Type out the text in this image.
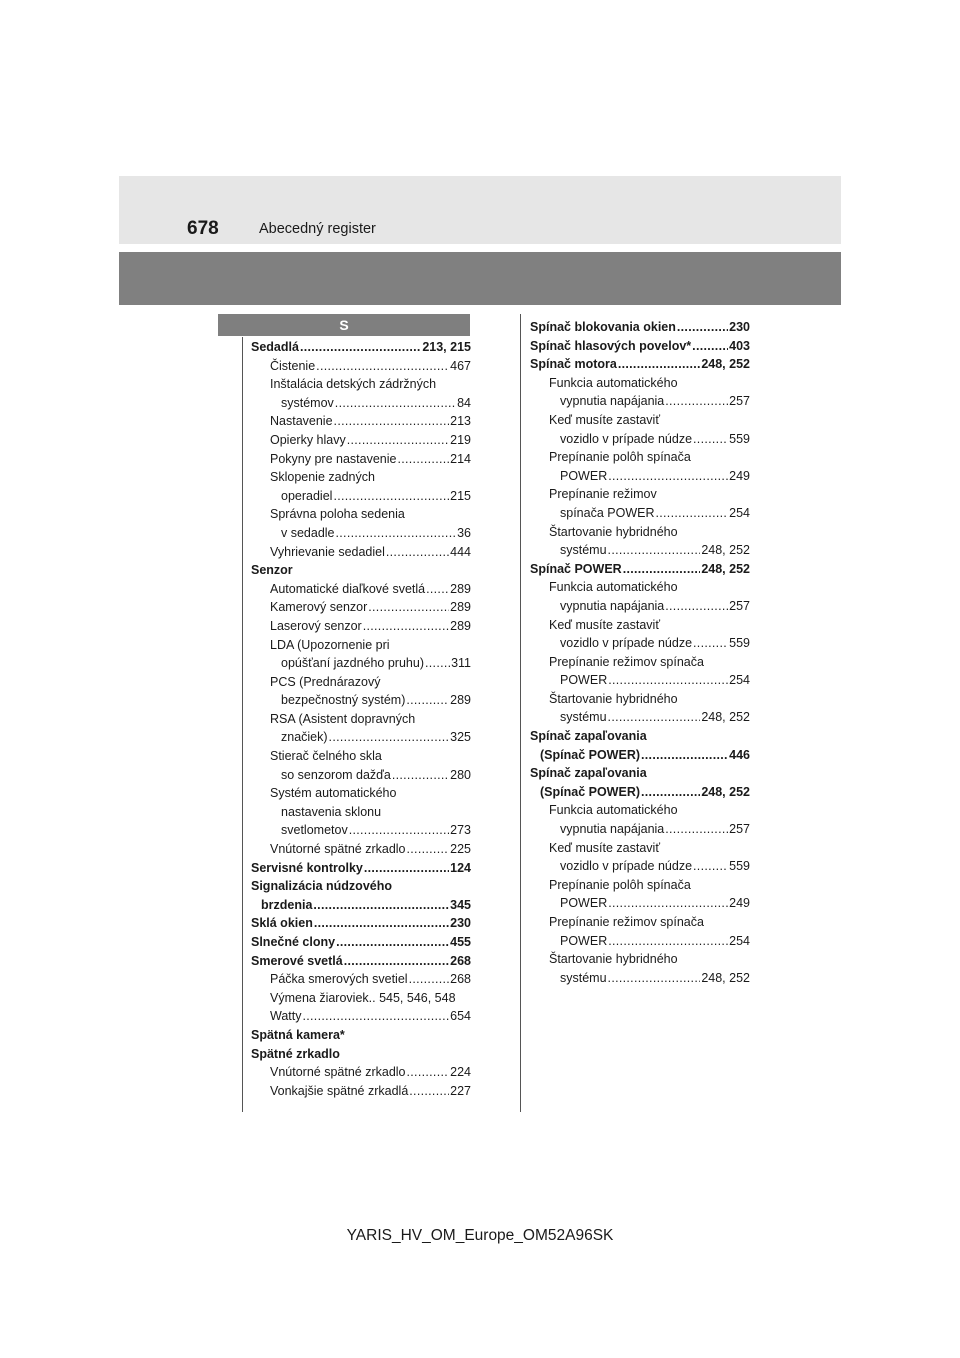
678	Abecedný register
S
Sedadlá .....	213, 215
Čistenie .....	467
Inštalácia detských zádržných
systémov .....	84
Nastavenie .....	213
Opierky hlavy .....	219
Pokyny pre nastavenie .....	214
Sklopenie zadných
operadiel .....	215
Správna poloha sedenia
v sedadle .....	36
Vyhrievanie sedadiel .....	444
Senzor
Automatické diaľkové svetlá ..... 289
Kamerový senzor .....	289
Laserový senzor .....	289
LDA (Upozornenie pri
opúšťaní jazdného pruhu) ..... 311
PCS (Prednárazový
bezpečnostný systém) .....	289
RSA (Asistent dopravných
značiek) .....	325
Stierač čelného skla
so senzorom dažďa .....	280
Systém automatického
nastavenia sklonu
svetlometov .....	273
Vnútorné spätné zrkadlo .....	225
Servisné kontrolky .....	124
Signalizácia núdzového
brzdenia .....	345
Sklá okien .....	230
Slnečné clony .....	455
Smerové svetlá .....	268
Páčka smerových svetiel .....	268
Výmena žiaroviek.. 545, 546, 548
Watty .....	654
Spätná kamera*
Spätné zrkadlo
Vnútorné spätné zrkadlo .....	224
Vonkajšie spätné zrkadlá .....	227
Spínač blokovania okien .....	230
Spínač hlasových povelov* .....	403
Spínač motora .....	248, 252
Funkcia automatického
vypnutia napájania .....	257
Keď musíte zastaviť
vozidlo v prípade núdze .....	559
Prepínanie polôh spínača
POWER .....	249
Prepínanie režimov
spínača POWER .....	254
Štartovanie hybridného
systému .....	248, 252
Spínač POWER .....	248, 252
Funkcia automatického
vypnutia napájania .....	257
Keď musíte zastaviť
vozidlo v prípade núdze .....	559
Prepínanie režimov spínača
POWER .....	254
Štartovanie hybridného
systému .....	248, 252
Spínač zapaľovania
(Spínač POWER) .....	446
Spínač zapaľovania
(Spínač POWER) .....	248, 252
Funkcia automatického
vypnutia napájania .....	257
Keď musíte zastaviť
vozidlo v prípade núdze .....	559
Prepínanie polôh spínača
POWER .....	249
Prepínanie režimov spínača
POWER .....	254
Štartovanie hybridného
systému .....	248, 252
YARIS_HV_OM_Europe_OM52A96SK
